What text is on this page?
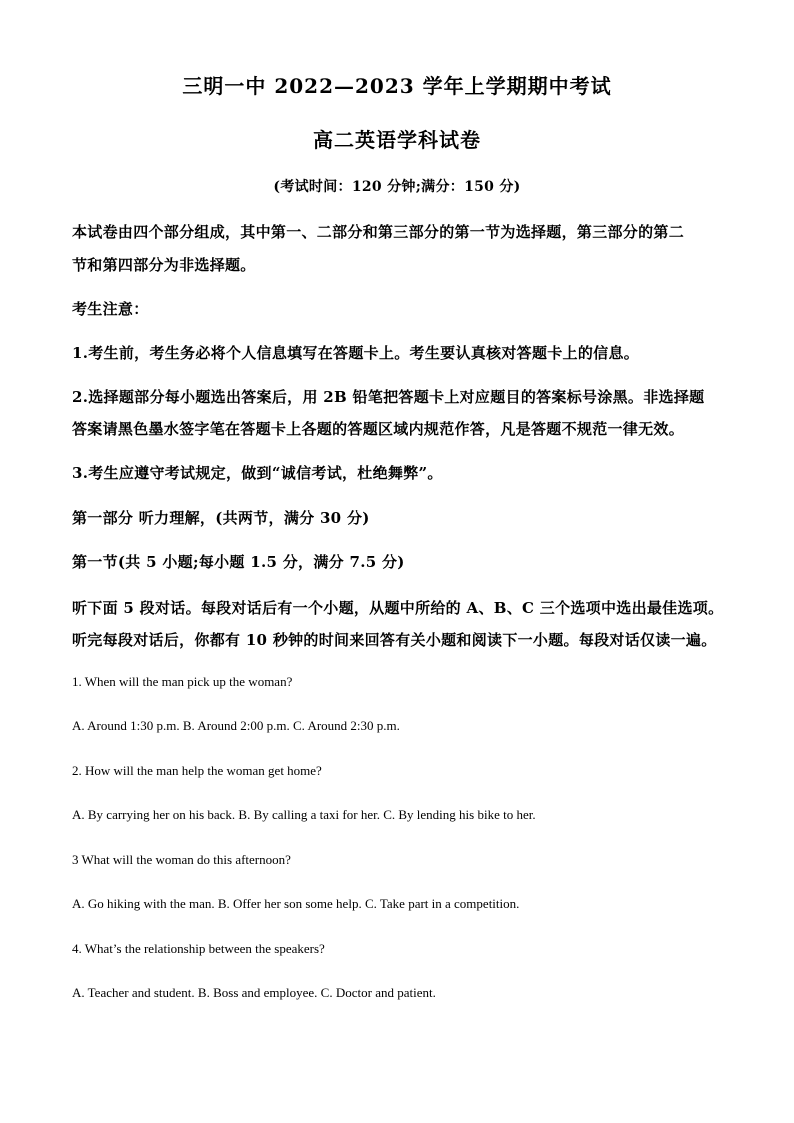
三明一中 2022—2023 学年上学期期中考试
高二英语学科试卷
(考试时间：120 分钟;满分：150 分)
本试卷由四个部分组成，其中第一、二部分和第三部分的第一节为选择题，第三部分的第二
节和第四部分为非选择题。
考生注意：
1.考生前，考生务必将个人信息填写在答题卡上。考生要认真核对答题卡上的信息。
2.选择题部分每小题选出答案后，用 2B 铅笔把答题卡上对应题目的答案标号涂黑。非选择题
答案请黑色墨水签字笔在答题卡上各题的答题区域内规范作答，凡是答题不规范一律无效。
3.考生应遵守考试规定，做到“诚信考试，杜绝舞弊”。
第一部分 听力理解，(共两节，满分 30 分)
第一节(共 5 小题;每小题 1.5 分，满分 7.5 分)
听下面 5 段对话。每段对话后有一个小题，从题中所给的 A、B、C 三个选项中选出最佳选项。
听完每段对话后，你都有 10 秒钟的时间来回答有关小题和阅读下一小题。每段对话仅读一遍。
1. When will the man pick up the woman?
A. Around 1:30 p.m. B. Around 2:00 p.m. C. Around 2:30 p.m.
2. How will the man help the woman get home?
A. By carrying her on his back. B. By calling a taxi for her. C. By lending his bike to her.
3 What will the woman do this afternoon?
A. Go hiking with the man. B. Offer her son some help. C. Take part in a competition.
4. What’s the relationship between the speakers?
A. Teacher and student. B. Boss and employee. C. Doctor and patient.
